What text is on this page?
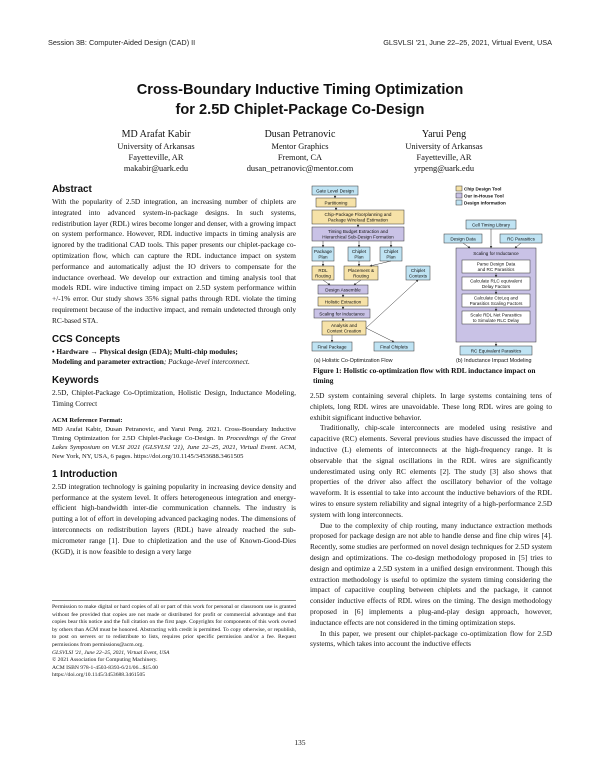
Session 3B: Computer-Aided Design (CAD) II	GLSVLSI '21, June 22–25, 2021, Virtual Event, USA
Cross-Boundary Inductive Timing Optimization
for 2.5D Chiplet-Package Co-Design
MD Arafat Kabir
University of Arkansas
Fayetteville, AR
makabir@uark.edu
Dusan Petranovic
Mentor Graphics
Fremont, CA
dusan_petranovic@mentor.com
Yarui Peng
University of Arkansas
Fayetteville, AR
yrpeng@uark.edu
Abstract

With the popularity of 2.5D integration, an increasing number of chiplets are integrated into advanced system-in-package designs. In such systems, redistribution layer (RDL) wires become longer and denser, with a growing impact on system performance. However, RDL inductive impacts in timing analysis are ignored by the traditional CAD tools. This paper presents our chiplet-package co-optimization flow, which can capture the RDL inductance impact on system performance and automatically adjust the IO drivers to compensate for the inductance overhead. We develop our extraction and timing analysis tool that models RDL wire inductive timing impact on 2.5D system performance within +/-1% error. Our study shows 35% signal paths through RDL violate the timing requirement because of the inductive impact, and remain undetected through only RC-based STA.

CCS Concepts
• Hardware → Physical design (EDA); Multi-chip modules;
Modeling and parameter extraction; Package-level interconnect.
Keywords

2.5D, Chiplet-Package Co-Optimization, Holistic Design, Inductance Modeling, Timing Correct

ACM Reference Format:

MD Arafat Kabir, Dusan Petranovic, and Yarui Peng. 2021. Cross-Boundary Inductive Timing Optimization for 2.5D Chiplet-Package Co-Design. In Proceedings of the Great Lakes Symposium on VLSI 2021 (GLSVLSI '21), June 22–25, 2021, Virtual Event. ACM, New York, NY, USA, 6 pages. https://doi.org/10.1145/3453688.3461505

1 Introduction

2.5D integration technology is gaining popularity in increasing device density and performance at the system level. It offers heterogeneous integration and energy-efficient high-bandwidth inter-die communication channels. The industry is putting a lot of effort in developing advanced packaging nodes. The dimensions of interconnects on redistribution layers (RDL) have already reached the sub-micrometer range [1]. Due to chipletization and the use of Known-Good-Dies (KGD), it is now feasible to design a very large

Permission to make digital or hard copies of all or part of this work for personal or classroom use is granted without fee provided that copies are not made or distributed for profit or commercial advantage and that copies bear this notice and the full citation on the first page. Copyrights for components of this work owned by others than ACM must be honored. Abstracting with credit is permitted. To copy otherwise, or republish, to post on servers or to redistribute to lists, requires prior specific permission and/or a fee. Request permissions from permissions@acm.org.

GLSVLSI '21, June 22–25, 2021, Virtual Event, USA
© 2021 Association for Computing Machinery.
ACM ISBN 978-1-4503-8393-6/21/06...$15.00
https://doi.org/10.1145/3453688.3461505
Gate Level Design
Partitioning
Chip-Package Floorplanning and
Package Wireload Estimation
Timing Budget Extraction and
Hierarchical Sub-Design Formation
Package
Plan
Chiplet
Plan
Chiplet
Plan
RDL
Routing
Placement &
Routing
Chiplet
Contexts
Design Assemble
Holistic Extraction
Scaling for Inductance
Analysis and
Context Creation
Final Package	Final Chiplets
Chip Design Tool
Our In-House Tool
Design Information
Cell Timing Library
Design Data	RC Parasitics
Scaling for Inductance
Parse Design Data
and RC Parasitics
Calculate RLC equivalent
Delay Factors
Calculate Ctot,eq and
Parasitics Scaling Factors
Scale RDL Net Parasitics
to Simulate RLC Delay
RC Equivalent Parasitics
(a) Holistic Co-Optimization Flow	(b) Inductance Impact Modeling
Figure 1: Holistic co-optimization flow with RDL inductance impact on timing

2.5D system containing several chiplets. In large systems containing tens of chiplets, long RDL wires are unavoidable. These long RDL wires are going to exhibit significant inductive behavior.

Traditionally, chip-scale interconnects are modeled using resistive and capacitive (RC) elements. Several previous studies have discussed the impact of inductive (L) elements of interconnects at the high-frequency range. It is observable that the signal oscillations in the RDL wires are significantly underestimated using only RC elements [2]. The study [3] also shows that properties of the driver also affect the oscillatory behavior of the voltage waveform. It is essential to take into account the inductive behaviors of the RDL wires to ensure system reliability and signal integrity of a high-performance 2.5D system with long interconnects.

Due to the complexity of chip routing, many inductance extraction methods proposed for package design are not able to handle dense and fine chip wires [4]. Recently, some studies are performed on novel design techniques for 2.5D system design and optimizations. The co-design methodology proposed in [5] tries to design and optimize a 2.5D system in a unified design environment. Though this extraction methodology is useful to optimize the system timing considering the impact of capacitive coupling between chiplets and the package, it cannot consider inductive effects of RDL wires on the timing. The design methodology proposed in [6] implements a plug-and-play design approach, however, inductance effects are not considered in the timing optimization steps.

In this paper, we present our chiplet-package co-optimization flow for 2.5D systems, which takes into account the inductive effects

135
